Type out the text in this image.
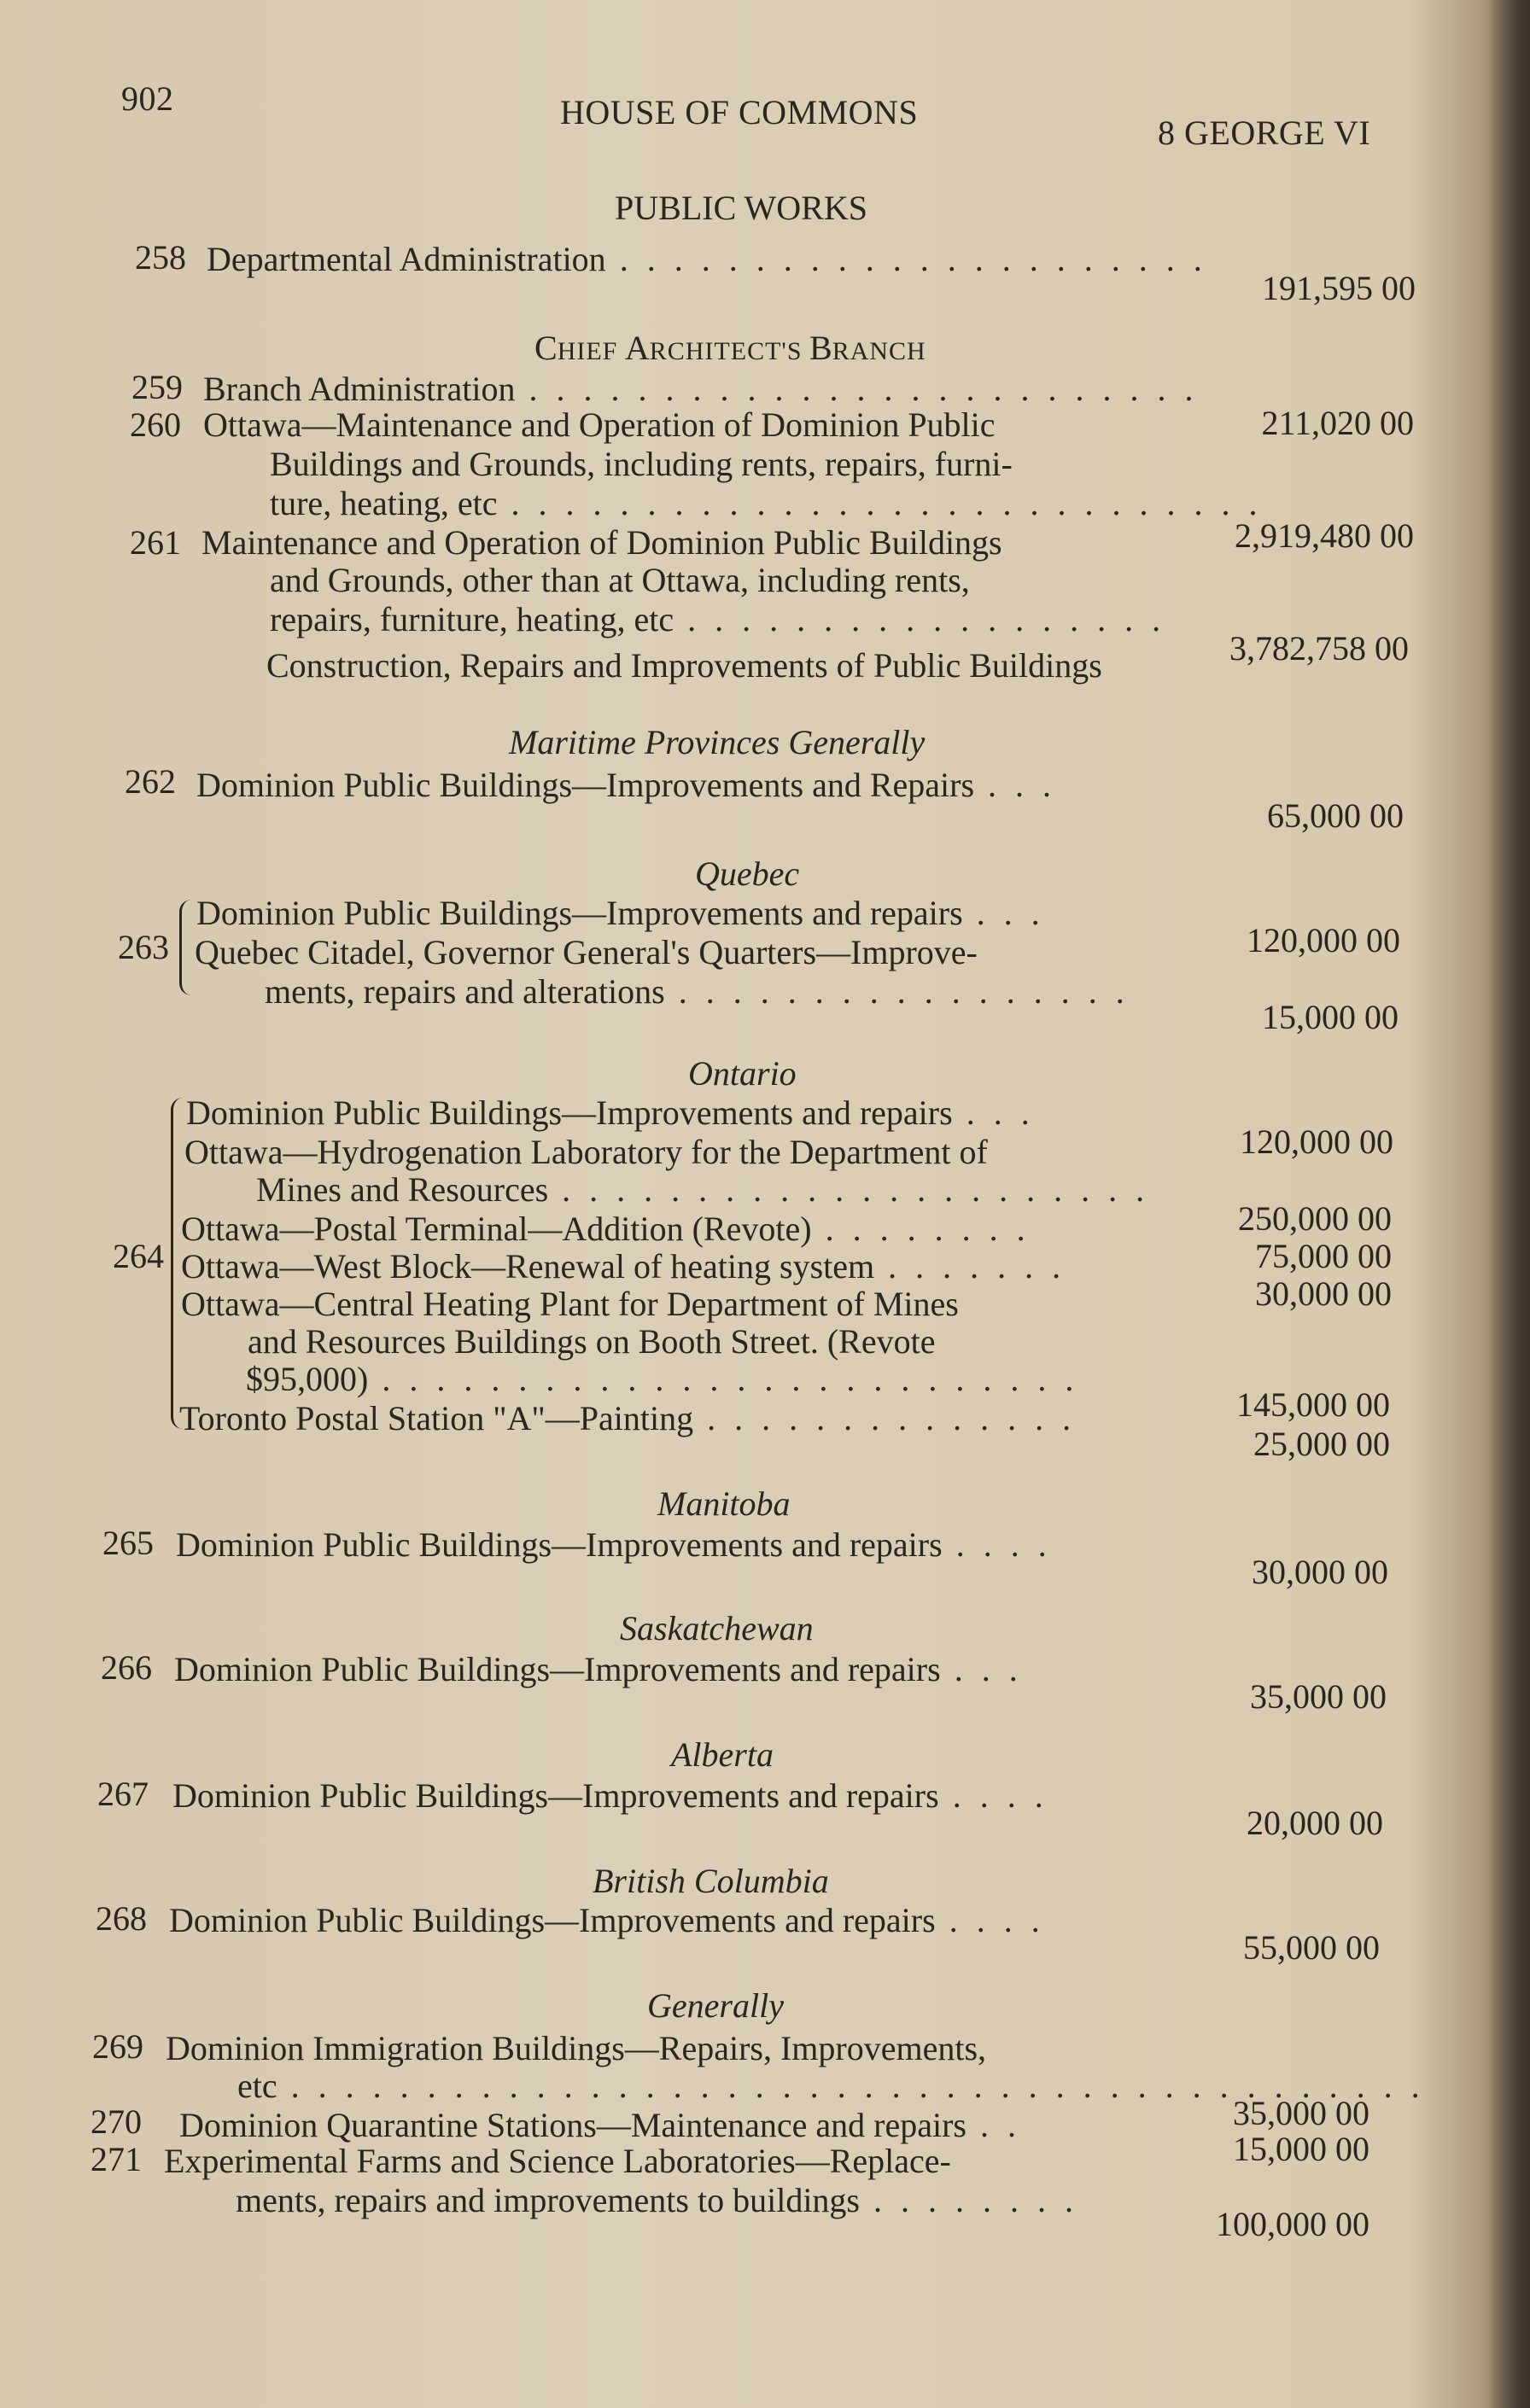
902	HOUSE OF COMMONS
8 GEORGE VI
PUBLIC WORKS
258 Departmental Administration . . . . . . . . . . . . . . . . . . . . . .
191,595 00
CHIEF ARCHITECT'S BRANCH
259 Branch Administration . . . . . . . . . . . . . . . . . . . . . . . . .
211,020 00
260 Ottawa—Maintenance and Operation of Dominion Public
Buildings and Grounds, including rents, repairs, furni-
ture, heating, etc . . . . . . . . . . . . . . . . . . . . . . . . . . . .
2,919,480 00
261 Maintenance and Operation of Dominion Public Buildings
and Grounds, other than at Ottawa, including rents,
repairs, furniture, heating, etc . . . . . . . . . . . . . . . . . .
3,782,758 00
Construction, Repairs and Improvements of Public Buildings
Maritime Provinces Generally
262 Dominion Public Buildings—Improvements and Repairs . . .
65,000 00
Quebec
263
Dominion Public Buildings—Improvements and repairs . . .
120,000 00
Quebec Citadel, Governor General's Quarters—Improve-
ments, repairs and alterations . . . . . . . . . . . . . . . . .
15,000 00
Ontario
264
Dominion Public Buildings—Improvements and repairs . . .
120,000 00
Ottawa—Hydrogenation Laboratory for the Department of
Mines and Resources . . . . . . . . . . . . . . . . . . . . . .
250,000 00
Ottawa—Postal Terminal—Addition (Revote) . . . . . . . .
75,000 00
Ottawa—West Block—Renewal of heating system . . . . . . .
30,000 00
Ottawa—Central Heating Plant for Department of Mines
and Resources Buildings on Booth Street. (Revote
$95,000) . . . . . . . . . . . . . . . . . . . . . . . . . .
145,000 00
Toronto Postal Station "A"—Painting . . . . . . . . . . . . . .
25,000 00
Manitoba
265 Dominion Public Buildings—Improvements and repairs . . . .
30,000 00
Saskatchewan
266 Dominion Public Buildings—Improvements and repairs . . .
35,000 00
Alberta
267 Dominion Public Buildings—Improvements and repairs . . . .
20,000 00
British Columbia
268 Dominion Public Buildings—Improvements and repairs . . . .
55,000 00
Generally
269 Dominion Immigration Buildings—Repairs, Improvements,
etc . . . . . . . . . . . . . . . . . . . . . . . . . . . . . . . . . . . . . . . . . .
35,000 00
270 Dominion Quarantine Stations—Maintenance and repairs . .
15,000 00
271 Experimental Farms and Science Laboratories—Replace-
ments, repairs and improvements to buildings . . . . . . . .
100,000 00
